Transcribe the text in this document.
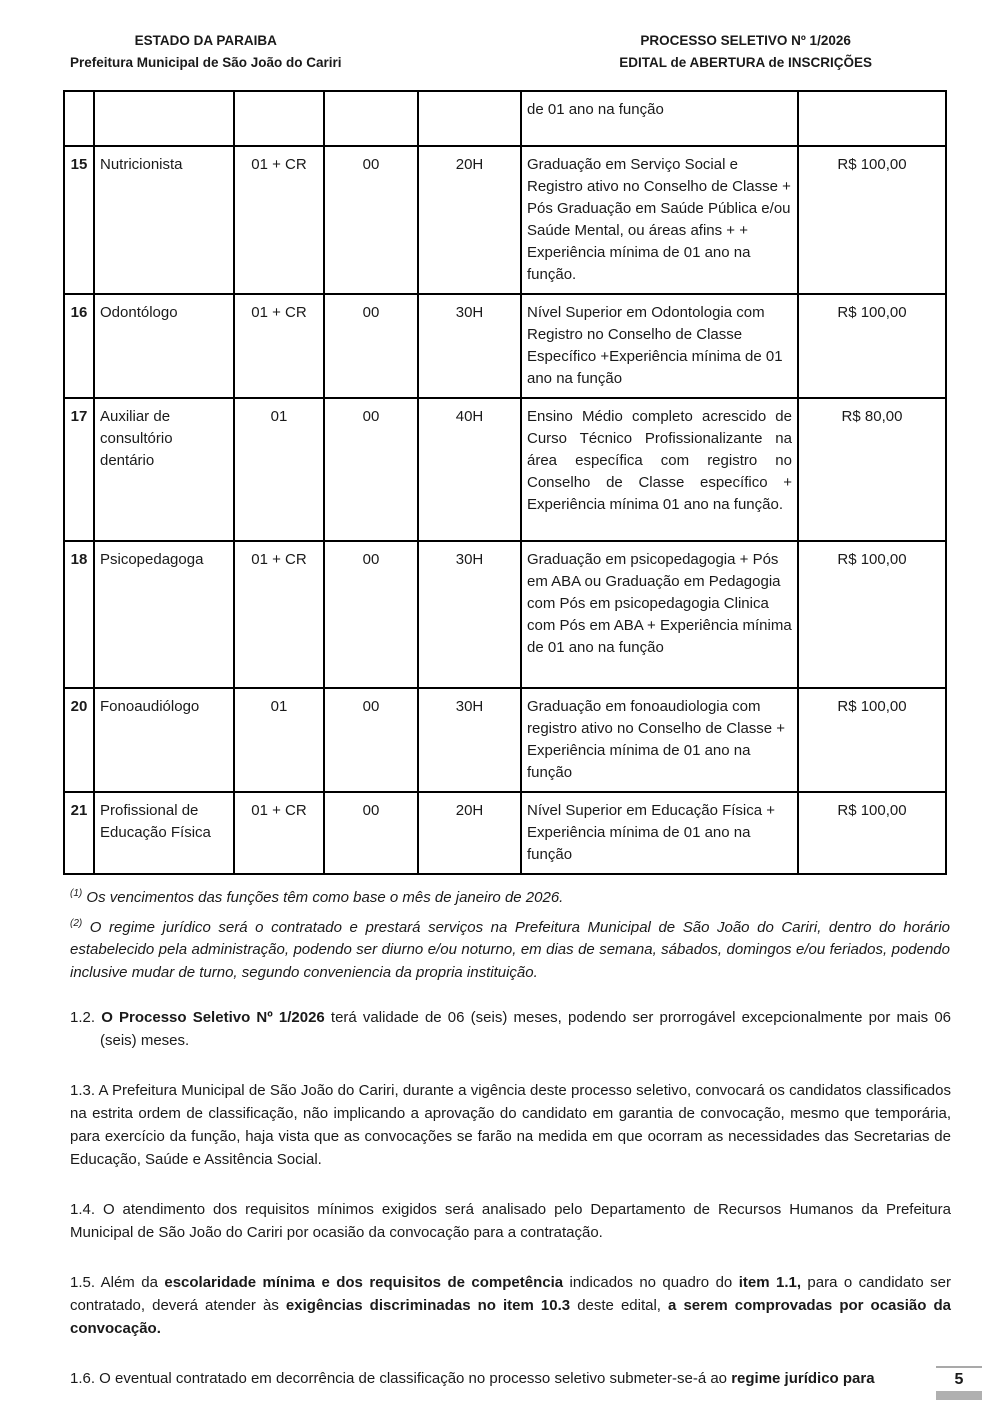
ESTADO DA PARAIBA
Prefeitura Municipal de São João do Cariri
PROCESSO SELETIVO Nº 1/2026
EDITAL de ABERTURA de INSCRIÇÕES
					de 01 ano na função	
15	Nutricionista	01 + CR	00	20H	Graduação em Serviço Social e Registro ativo no Conselho de Classe + Pós Graduação em Saúde Pública e/ou Saúde Mental, ou áreas afins + + Experiência mínima de 01 ano na função.	R$ 100,00
16	Odontólogo	01 + CR	00	30H	Nível Superior em Odontologia com Registro no Conselho de Classe Específico +Experiência mínima de 01 ano na função	R$ 100,00
17	Auxiliar de consultório dentário	01	00	40H	Ensino Médio completo acrescido de Curso Técnico Profissionalizante na área específica com registro no Conselho de Classe específico + Experiência mínima 01 ano na função.	R$ 80,00
18	Psicopedagoga	01 + CR	00	30H	Graduação em psicopedagogia + Pós em ABA ou Graduação em Pedagogia com Pós em psicopedagogia Clinica com Pós em ABA + Experiência mínima de 01 ano na função	R$ 100,00
20	Fonoaudiólogo	01	00	30H	Graduação em fonoaudiologia com registro ativo no Conselho de Classe + Experiência mínima de 01 ano na função	R$ 100,00
21	Profissional de Educação Física	01 + CR	00	20H	Nível Superior em Educação Física + Experiência mínima de 01 ano na função	R$ 100,00

$^{(1)}$ Os vencimentos das funções têm como base o mês de janeiro de 2026.

$^{(2)}$ O regime jurídico será o contratado e prestará serviços na Prefeitura Municipal de São João do Cariri, dentro do horário estabelecido pela administração, podendo ser diurno e/ou noturno, em dias de semana, sábados, domingos e/ou feriados, podendo inclusive mudar de turno, segundo conveniencia da propria instituição.

1.2. O Processo Seletivo Nº 1/2026 terá validade de 06 (seis) meses, podendo ser prorrogável excepcionalmente por mais 06 (seis) meses.

1.3. A Prefeitura Municipal de São João do Cariri, durante a vigência deste processo seletivo, convocará os candidatos classificados na estrita ordem de classificação, não implicando a aprovação do candidato em garantia de convocação, mesmo que temporária, para exercício da função, haja vista que as convocações se farão na medida em que ocorram as necessidades das Secretarias de Educação, Saúde e Assitência Social.

1.4. O atendimento dos requisitos mínimos exigidos será analisado pelo Departamento de Recursos Humanos da Prefeitura Municipal de São João do Cariri por ocasião da convocação para a contratação.

1.5. Além da escolaridade mínima e dos requisitos de competência indicados no quadro do item 1.1, para o candidato ser contratado, deverá atender às exigências discriminadas no item 10.3 deste edital, a serem comprovadas por ocasião da convocação.

1.6. O eventual contratado em decorrência de classificação no processo seletivo submeter-se-á ao regime jurídico para	5
